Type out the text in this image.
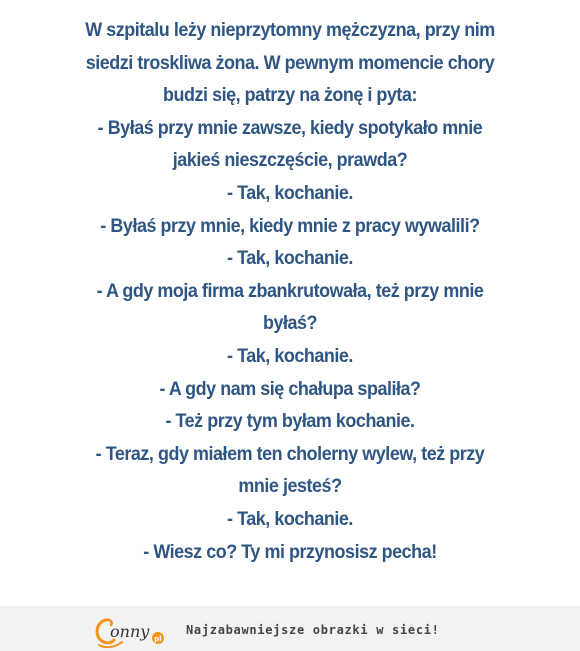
W szpitalu leży nieprzytomny mężczyzna, przy nim
siedzi troskliwa żona. W pewnym momencie chory
budzi się, patrzy na żonę i pyta:
- Byłaś przy mnie zawsze, kiedy spotykało mnie
jakieś nieszczęście, prawda?
- Tak, kochanie.
- Byłaś przy mnie, kiedy mnie z pracy wywalili?
- Tak, kochanie.
- A gdy moja firma zbankrutowała, też przy mnie
byłaś?
- Tak, kochanie.
- A gdy nam się chałupa spaliła?
- Też przy tym byłam kochanie.
- Teraz, gdy miałem ten cholerny wylew, też przy
mnie jesteś?
- Tak, kochanie.
- Wiesz co? Ty mi przynosisz pecha!
onny pl
Najzabawniejsze obrazki w sieci!
